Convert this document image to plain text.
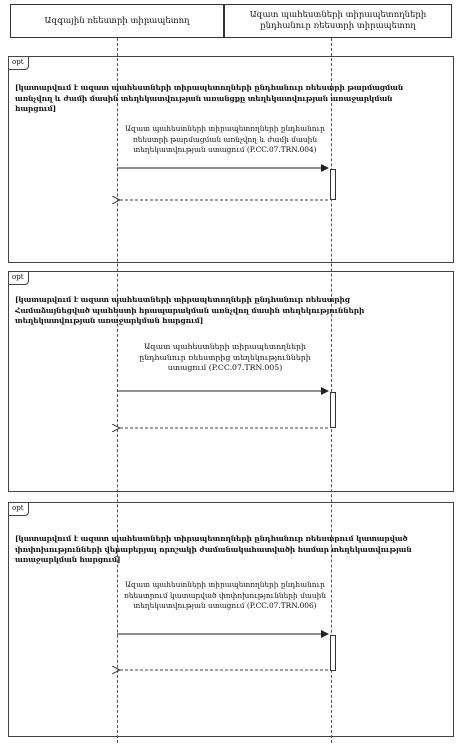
Ազգային ռեեստրի տիրապետող
Ազատ պահեստների տիրապետողների ընդհանուր ռեեստրի տիրապետող
opt
[կատարվում է ազատ պահեստների տիրապետողների ընդհանուր ռեեստրի թարմացման առնչվող և ժամի մասին տեղեկատվության առանցքը տեղեկատվության առաջարկման հարցում]
Ազատ պահեստների տիրապետողների ընդհանուր ռեեստրի թարմացման առնչվող և ժամի մասին տեղեկատվության ստացում (P.CC.07.TRN.004)
opt
[կատարվում է ազատ պահեստների տիրապետողների ընդհանուր ռեեստրից Համաձայնեցված պահեստի հրապարակման առնչվող մասին տեղեկությունների տեղեկատվության առաջարկման հարցում]
Ազատ պահեստների տիրապետողների ընդհանուր ռեեստրից տեղեկությունների ստացում (P.CC.07.TRN.005)
opt
[կատարվում է ազատ պահեստների տիրապետողների ընդհանուր ռեեստրում կատարված փոփոխությունների վերաբերյալ որոշակի ժամանակահատվածի համար տեղեկատվության առաջարկման հարցում]
Ազատ պահեստների տիրապետողների ընդհանուր ռեեստրում կատարված փոփոխությունների մասին տեղեկատվության ստացում (P.CC.07.TRN.006)
